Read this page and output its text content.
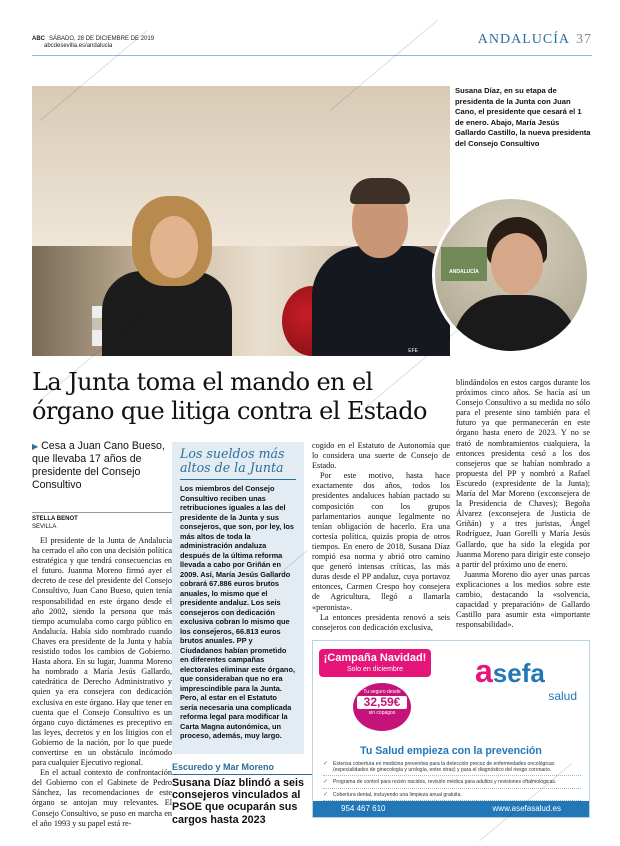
ABC SÁBADO, 28 DE DICIEMBRE DE 2019
abcdesevilla.es/andalucia	ANDALUCÍA 37
EFE
Susana Díaz, en su etapa de presidenta de la Junta con Juan Cano, el presidente que cesará el 1 de enero. Abajo, María Jesús Gallardo Castillo, la nueva presidenta del Consejo Consultivo
ANDALUCÍA
La Junta toma el mando en el órgano que litiga contra el Estado
▶ Cesa a Juan Cano Bueso, que llevaba 17 años de presidente del Consejo Consultivo
STELLA BENOT
SEVILLA

El presidente de la Junta de Andalucía ha cerrado el año con una decisión política estratégica y que tendrá consecuencias en el futuro. Juanma Moreno firmó ayer el decreto de cese del presidente del Consejo Consultivo, Juan Cano Bueso, quien tenía responsabilidad en este órgano desde el año 2002, siendo la persona que más tiempo acumulaba como cargo público en Andalucía. Había sido nombrado cuando Chaves era presidente de la Junta y había resistido todos los cambios de Gobierno. Hasta ahora. En su lugar, Juanma Moreno ha nombrado a María Jesús Gallardo, catedrática de Derecho Administrativo y quien ya era consejera con dedicación exclusiva en este órgano. Hay que tener en cuenta que el Consejo Consultivo es un órgano cuyo dictámenes es preceptivo en las leyes, decretos y en los litigios con el Gobierno de la nación, por lo que puede convertirse en un obstáculo incómodo para cualquier Ejecutivo regional.

En el actual contexto de confrontación del Gobierno con el Gabinete de Pedro Sánchez, las recomendaciones de este órgano se antojan muy relevantes. El Consejo Consultivo, se puso en marcha en el año 1993 y su papel está re-

Los sueldos más altos de la Junta
Los miembros del Consejo Consultivo reciben unas retribuciones iguales a las del presidente de la Junta y sus consejeros, que son, por ley, los más altos de toda la administración andaluza después de la última reforma llevada a cabo por Griñán en 2009. Así, María Jesús Gallardo cobrará 67.886 euros brutos anuales, lo mismo que el presidente andaluz. Los seis consejeros con dedicación exclusiva cobran lo mismo que los consejeros, 66.813 euros brutos anuales. PP y Ciudadanos habían prometido en diferentes campañas electorales eliminar este órgano, que consideraban que no era imprescindible para la Junta. Pero, al estar en el Estatuto sería necesaria una complicada reforma legal para modificar la Carta Magna autonómica, un proceso, además, muy largo.
Escuredo y Mar Moreno
Susana Díaz blindó a seis consejeros vinculados al PSOE que ocuparán sus cargos hasta 2023

cogido en el Estatuto de Autonomía que lo considera una suerte de Consejo de Estado.

Por este motivo, hasta hace exactamente dos años, todos los presidentes andaluces habían pactado su composición con los grupos parlamentarios aunque legalmente no tenían obligación de hacerlo. Era una cortesía política, quizás propia de otros tiempos. En enero de 2018, Susana Díaz rompió esa norma y abrió otro camino que generó intensas críticas, las más duras desde el PP andaluz, cuya portavoz entonces, Carmen Crespo hoy consejera de Agricultura, llegó a llamarla «peronista».

La entonces presidenta renovó a seis consejeros con dedicación exclusiva,

blindándolos en estos cargos durante los próximos cinco años. Se hacía así un Consejo Consultivo a su medida no sólo para el presente sino también para el futuro ya que permanecerán en este órgano hasta enero de 2023. Y no se trató de nombramientos cualquiera, la entonces presidenta cesó a los dos consejeros que se habían nombrado a propuesta del PP y nombró a Rafael Escuredo (expresidente de la Junta); María del Mar Moreno (exconsejera de la Presidencia de Chaves); Begoña Álvarez (exconsejera de Justicia de Griñán) y a tres juristas, Ángel Rodríguez, Juan Gorelli y María Jesús Gallardo, que ha sido la elegida por Juanma Moreno para dirigir este consejo a partir del próximo uno de enero.

Juanma Moreno dio ayer unas parcas explicaciones a los medios sobre este cambio, destacando la «solvencia, capacidad y preparación» de Gallardo Castillo para asumir esta «importante responsabilidad».

¡Campaña Navidad!
Solo en diciembre
Tu seguro desde
32,59€
sin copagos
asefa
salud
Tu Salud empieza con la prevención
✓ Extensa cobertura en medicina preventiva para la detección precoz de enfermedades oncológicas (especialidades de ginecología y urología, entre otras) y para el diagnóstico del riesgo coronario.
✓ Programa de control para recién nacidos, revisión médica para adultos y revisiones oftalmológicas.
✓ Cobertura dental, incluyendo una limpieza anual gratuita.
954 467 610	www.asefasalud.es
